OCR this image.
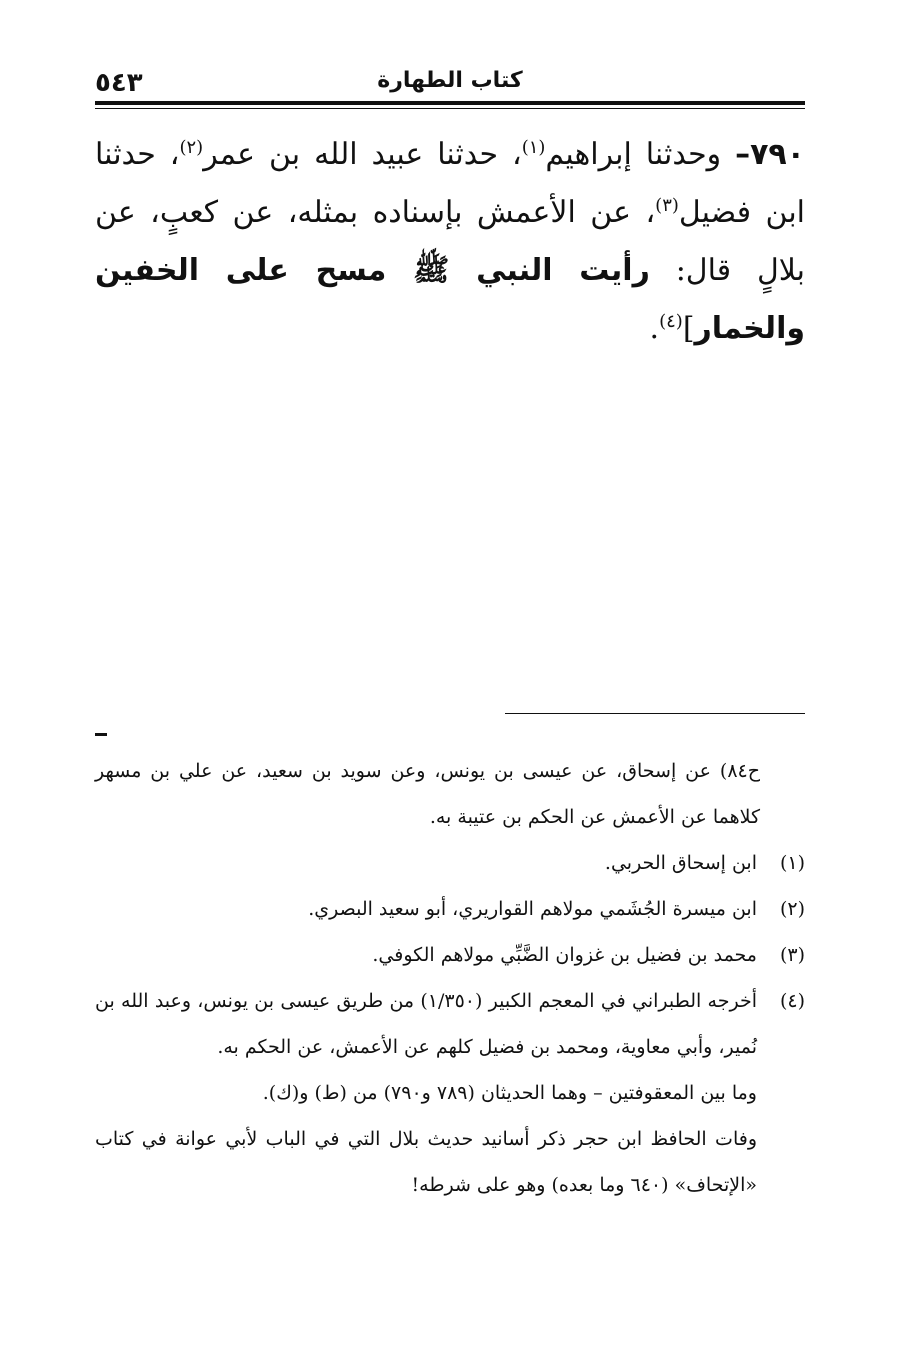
كتاب الطهارة
٥٤٣
٧٩٠– وحدثنا إبراهيم$^{(١)}$، حدثنا عبيد الله بن عمر$^{(٢)}$، حدثنا ابن فضيل$^{(٣)}$، عن الأعمش بإسناده بمثله، عن كعبٍ، عن بلالٍ قال: رأيت النبي ﷺ مسح على الخفين والخمار]$^{(٤)}$.
ح٨٤) عن إسحاق، عن عيسى بن يونس، وعن سويد بن سعيد، عن علي بن مسهر كلاهما عن الأعمش عن الحكم بن عتيبة به.
(١)

ابن إسحاق الحربي.

(٢)

ابن ميسرة الجُشَمي مولاهم القواريري، أبو سعيد البصري.

(٣)

محمد بن فضيل بن غزوان الضَّبِّي مولاهم الكوفي.

(٤)

أخرجه الطبراني في المعجم الكبير (١/٣٥٠) من طريق عيسى بن يونس، وعبد الله بن نُمير، وأبي معاوية، ومحمد بن فضيل كلهم عن الأعمش، عن الحكم به.

وما بين المعقوفتين – وهما الحديثان (٧٨٩ و٧٩٠) من (ط) و(ك).

وفات الحافظ ابن حجر ذكر أسانيد حديث بلال التي في الباب لأبي عوانة في كتاب «الإتحاف» (٦٤٠ وما بعده) وهو على شرطه!
